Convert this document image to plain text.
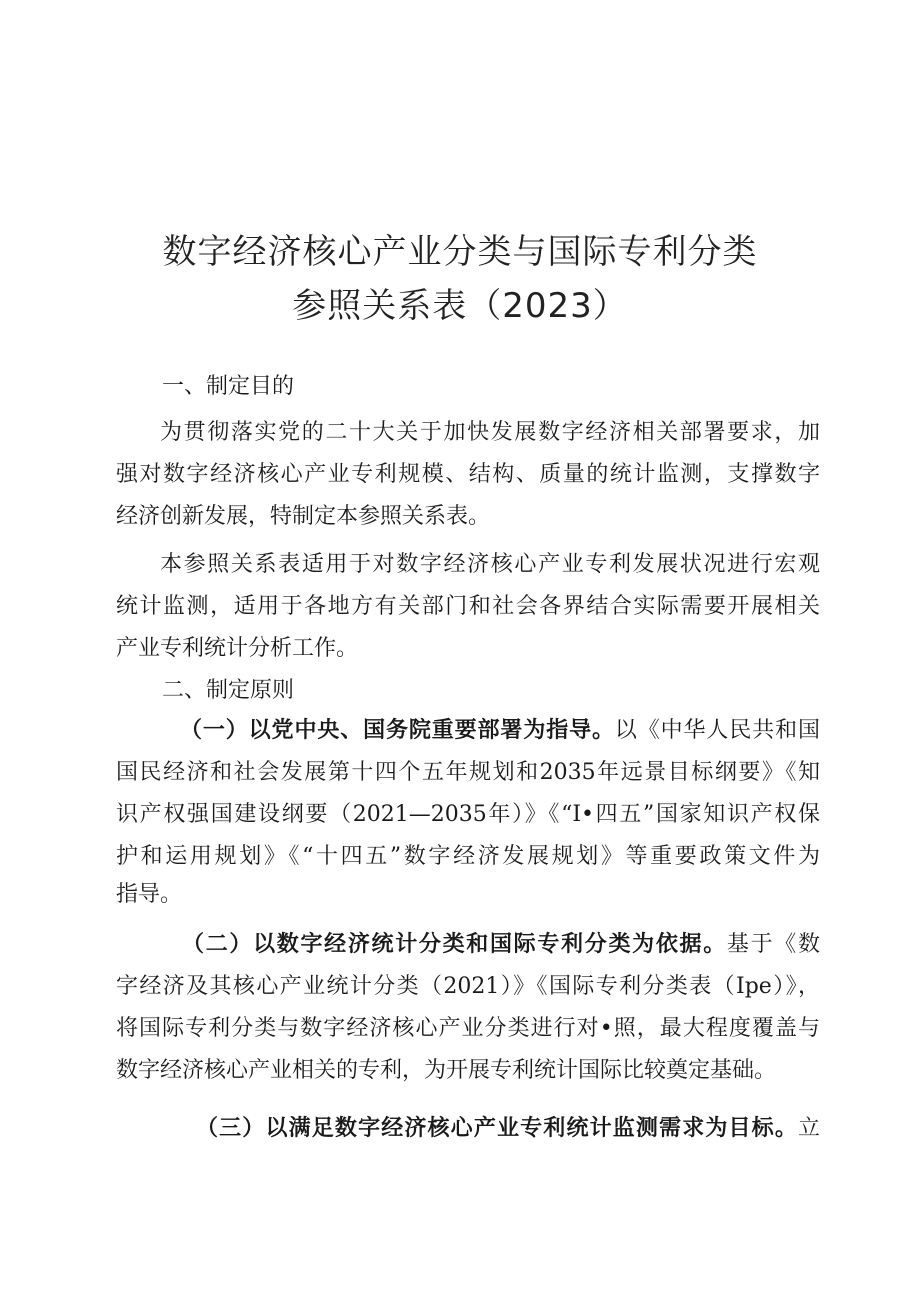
数字经济核心产业分类与国际专利分类
参照关系表（2023）
一、制定目的
为贯彻落实党的二十大关于加快发展数字经济相关部署要求，加
强对数字经济核心产业专利规模、结构、质量的统计监测，支撑数字
经济创新发展，特制定本参照关系表。
本参照关系表适用于对数字经济核心产业专利发展状况进行宏观
统计监测，适用于各地方有关部门和社会各界结合实际需要开展相关
产业专利统计分析工作。
二、制定原则
（一）以党中央、国务院重要部署为指导。以《中华人民共和国
国民经济和社会发展第十四个五年规划和2035年远景目标纲要》《知
识产权强国建设纲要（2021—2035年）》《“I•四五”国家知识产权保
护和运用规划》《“十四五”数字经济发展规划》等重要政策文件为
指导。
（二）以数字经济统计分类和国际专利分类为依据。基于《数
字经济及其核心产业统计分类（2021）》《国际专利分类表（Ipe）》，
将国际专利分类与数字经济核心产业分类进行对•照，最大程度覆盖与
数字经济核心产业相关的专利，为开展专利统计国际比较奠定基础。
（三）以满足数字经济核心产业专利统计监测需求为目标。立
